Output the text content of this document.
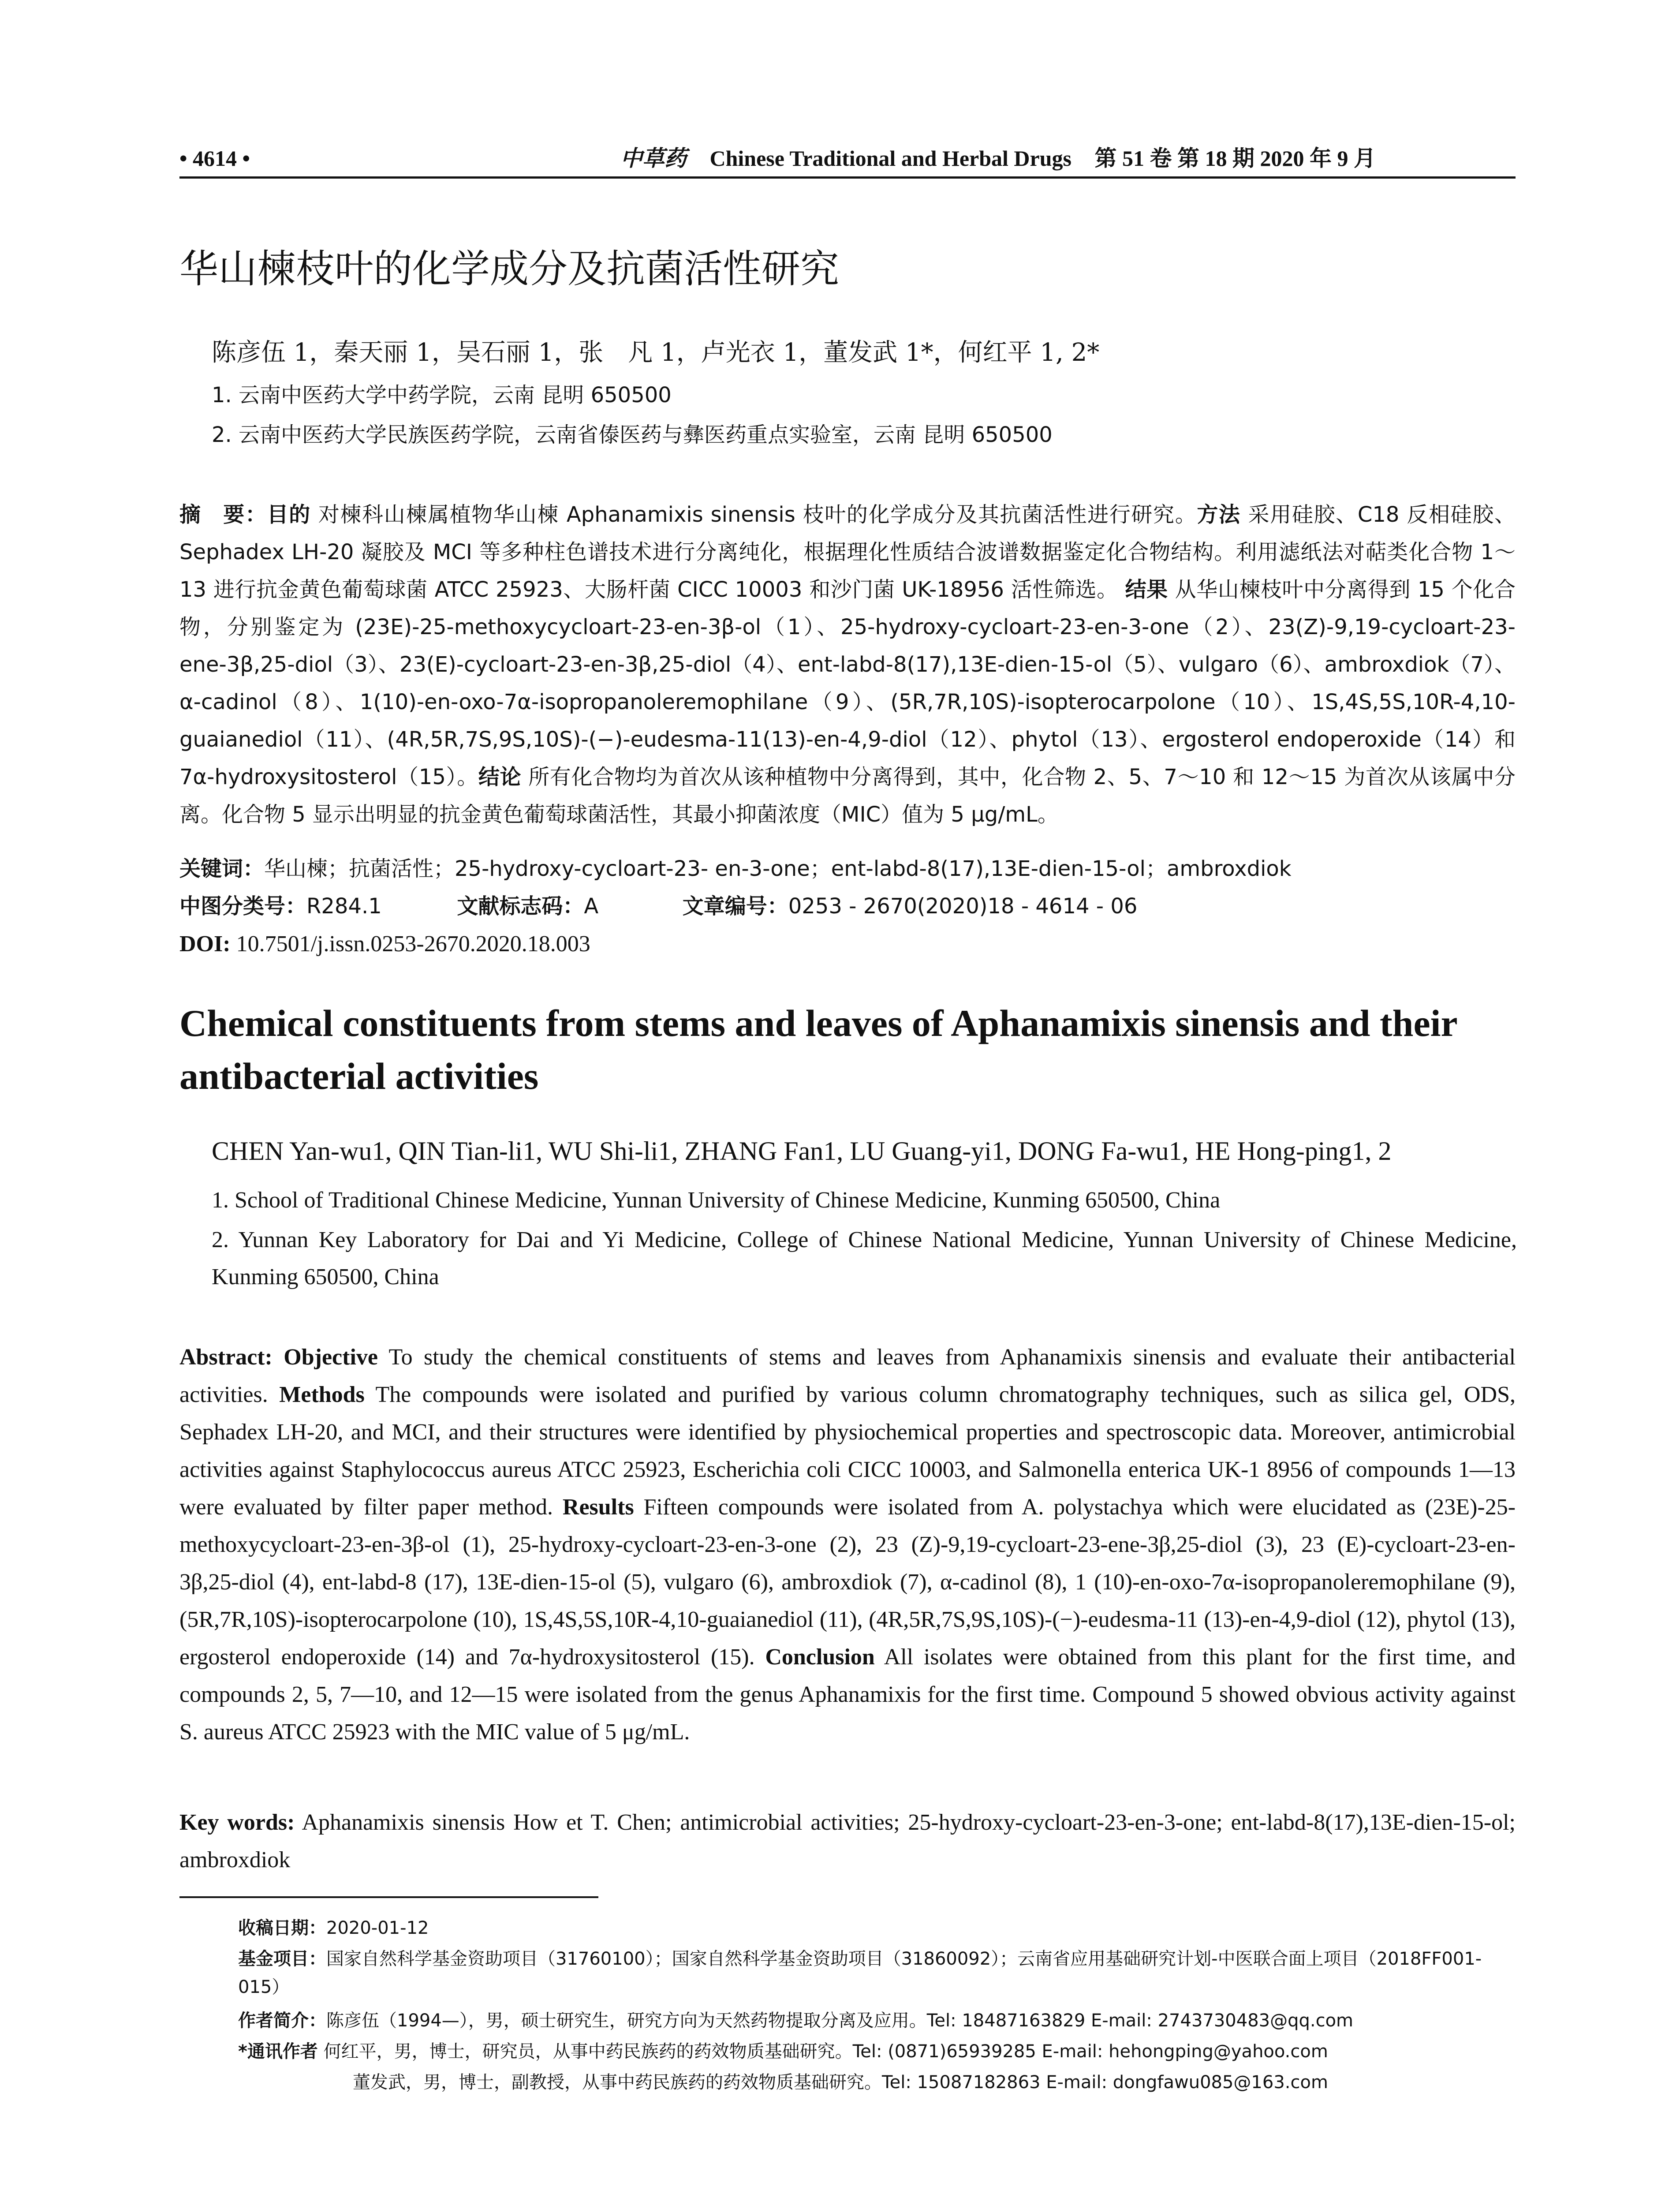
• 4614 •	中草药 Chinese Traditional and Herbal Drugs 第 51 卷 第 18 期 2020 年 9 月
华山楝枝叶的化学成分及抗菌活性研究
陈彦伍 1，秦天丽 1，吴石丽 1，张　凡 1，卢光衣 1，董发武 1*，何红平 1, 2*
1. 云南中医药大学中药学院，云南 昆明 650500
2. 云南中医药大学民族医药学院，云南省傣医药与彝医药重点实验室，云南 昆明 650500
摘　要：目的 对楝科山楝属植物华山楝 Aphanamixis sinensis 枝叶的化学成分及其抗菌活性进行研究。方法 采用硅胶、C18 反相硅胶、Sephadex LH-20 凝胶及 MCI 等多种柱色谱技术进行分离纯化，根据理化性质结合波谱数据鉴定化合物结构。利用滤纸法对萜类化合物 1～13 进行抗金黄色葡萄球菌 ATCC 25923、大肠杆菌 CICC 10003 和沙门菌 UK-18956 活性筛选。 结果 从华山楝枝叶中分离得到 15 个化合物，分别鉴定为 (23E)-25-methoxycycloart-23-en-3β-ol（1）、25-hydroxy-cycloart-23-en-3-one（2）、23(Z)-9,19-cycloart-23-ene-3β,25-diol（3）、23(E)-cycloart-23-en-3β,25-diol（4）、ent-labd-8(17),13E-dien-15-ol（5）、vulgaro（6）、ambroxdiok（7）、α-cadinol（8）、1(10)-en-oxo-7α-isopropanoleremophilane（9）、(5R,7R,10S)-isopterocarpolone（10）、1S,4S,5S,10R-4,10-guaianediol（11）、(4R,5R,7S,9S,10S)-(−)-eudesma-11(13)-en-4,9-diol（12）、phytol（13）、ergosterol endoperoxide（14）和 7α-hydroxysitosterol（15）。结论 所有化合物均为首次从该种植物中分离得到，其中，化合物 2、5、7～10 和 12～15 为首次从该属中分离。化合物 5 显示出明显的抗金黄色葡萄球菌活性，其最小抑菌浓度（MIC）值为 5 μg/mL。
关键词：华山楝；抗菌活性；25-hydroxy-cycloart-23- en-3-one；ent-labd-8(17),13E-dien-15-ol；ambroxdiok
中图分类号：R284.1	文献标志码：A	文章编号：0253 - 2670(2020)18 - 4614 - 06
DOI: 10.7501/j.issn.0253-2670.2020.18.003
Chemical constituents from stems and leaves of Aphanamixis sinensis and their antibacterial activities
CHEN Yan-wu1, QIN Tian-li1, WU Shi-li1, ZHANG Fan1, LU Guang-yi1, DONG Fa-wu1, HE Hong-ping1, 2
1. School of Traditional Chinese Medicine, Yunnan University of Chinese Medicine, Kunming 650500, China
2. Yunnan Key Laboratory for Dai and Yi Medicine, College of Chinese National Medicine, Yunnan University of Chinese Medicine, Kunming 650500, China
Abstract: Objective To study the chemical constituents of stems and leaves from Aphanamixis sinensis and evaluate their antibacterial activities. Methods The compounds were isolated and purified by various column chromatography techniques, such as silica gel, ODS, Sephadex LH-20, and MCI, and their structures were identified by physiochemical properties and spectroscopic data. Moreover, antimicrobial activities against Staphylococcus aureus ATCC 25923, Escherichia coli CICC 10003, and Salmonella enterica UK-1 8956 of compounds 1—13 were evaluated by filter paper method. Results Fifteen compounds were isolated from A. polystachya which were elucidated as (23E)-25-methoxycycloart-23-en-3β-ol (1), 25-hydroxy-cycloart-23-en-3-one (2), 23 (Z)-9,19-cycloart-23-ene-3β,25-diol (3), 23 (E)-cycloart-23-en-3β,25-diol (4), ent-labd-8 (17), 13E-dien-15-ol (5), vulgaro (6), ambroxdiok (7), α-cadinol (8), 1 (10)-en-oxo-7α-isopropanoleremophilane (9), (5R,7R,10S)-isopterocarpolone (10), 1S,4S,5S,10R-4,10-guaianediol (11), (4R,5R,7S,9S,10S)-(−)-eudesma-11 (13)-en-4,9-diol (12), phytol (13), ergosterol endoperoxide (14) and 7α-hydroxysitosterol (15). Conclusion All isolates were obtained from this plant for the first time, and compounds 2, 5, 7—10, and 12—15 were isolated from the genus Aphanamixis for the first time. Compound 5 showed obvious activity against S. aureus ATCC 25923 with the MIC value of 5 μg/mL.
Key words: Aphanamixis sinensis How et T. Chen; antimicrobial activities; 25-hydroxy-cycloart-23-en-3-one; ent-labd-8(17),13E-dien-15-ol; ambroxdiok
收稿日期：2020-01-12
基金项目：国家自然科学基金资助项目（31760100）；国家自然科学基金资助项目（31860092）；云南省应用基础研究计划-中医联合面上项目（2018FF001-015）
作者简介：陈彦伍（1994—），男，硕士研究生，研究方向为天然药物提取分离及应用。Tel: 18487163829 E-mail: 2743730483@qq.com
*通讯作者 何红平，男，博士，研究员，从事中药民族药的药效物质基础研究。Tel: (0871)65939285 E-mail: hehongping@yahoo.com
董发武，男，博士，副教授，从事中药民族药的药效物质基础研究。Tel: 15087182863 E-mail: dongfawu085@163.com
